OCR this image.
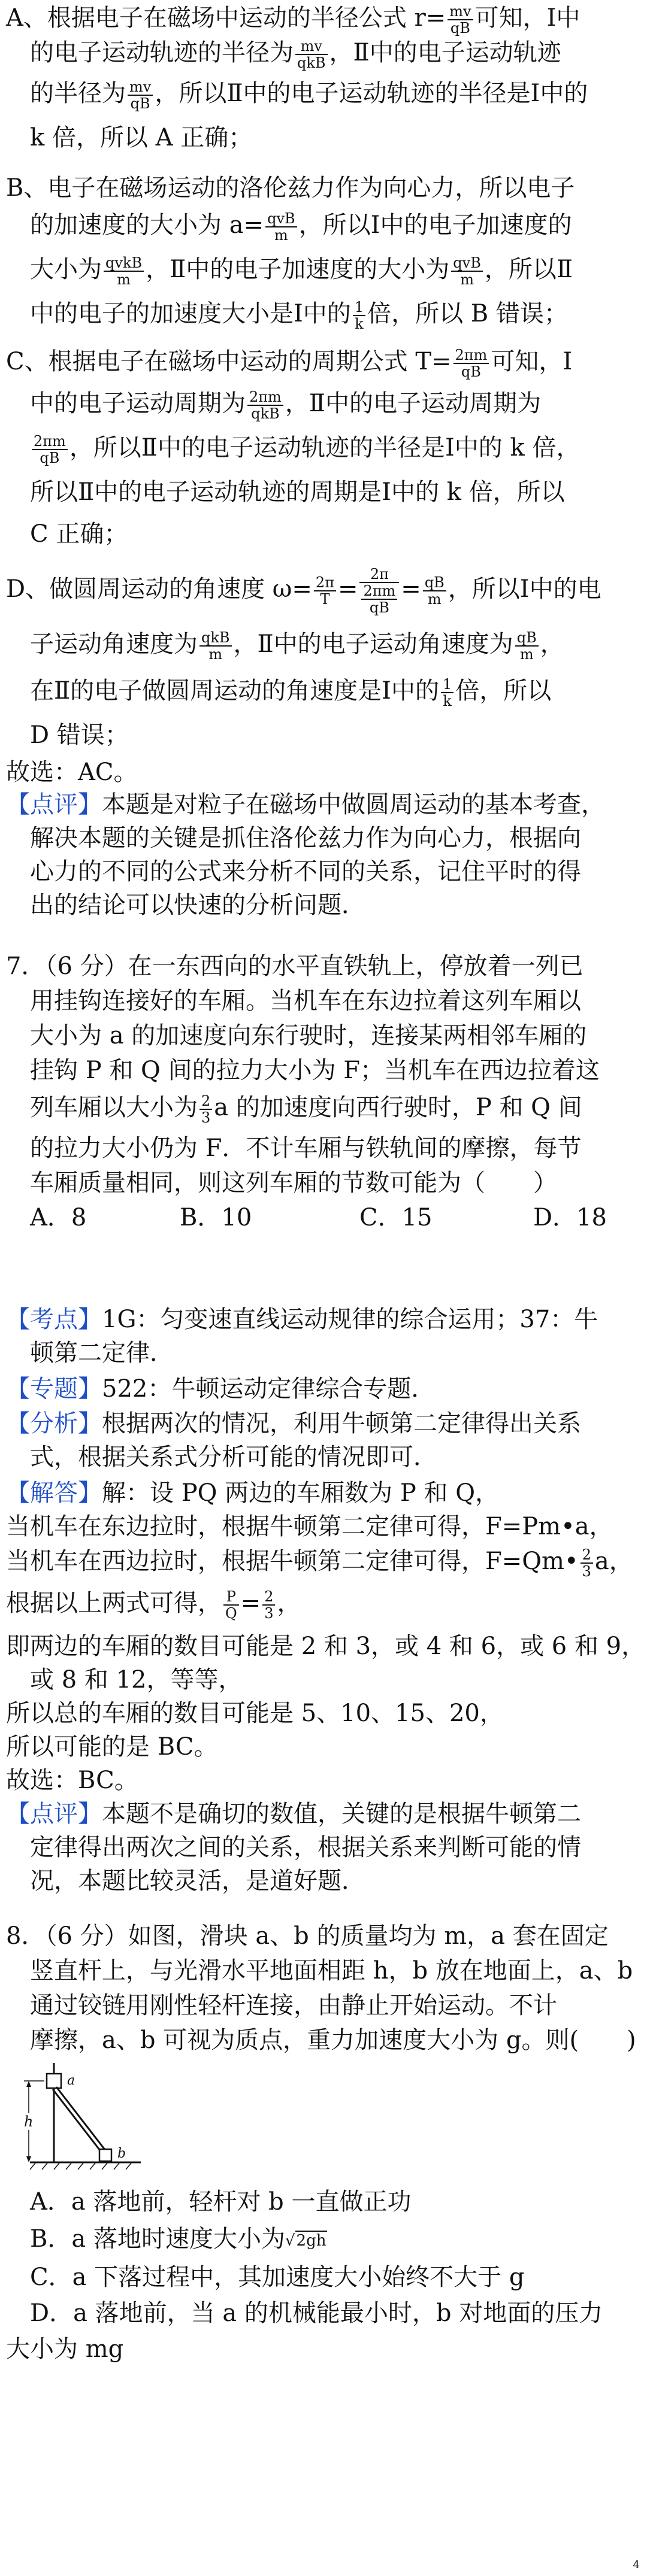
A、根据电子在磁场中运动的半径公式 $r= \frac{mv}{qB}$ 可知，Ⅰ中
的电子运动轨迹的半径为 $\frac{mv}{\text{qkB}}$ ，Ⅱ中的电子运动轨迹
的半径为 $\frac{mv}{qB}$ ，所以Ⅱ中的电子运动轨迹的半径是Ⅰ中的
k 倍，所以 A 正确；
B、电子在磁场运动的洛伦兹力作为向心力，所以电子
的加速度的大小为 $a= \frac{\text{qvB}}{m}$ ，所以Ⅰ中的电子加速度的
大小为 $\frac{\text{qvkB}}{m}$ ，Ⅱ中的电子加速度的大小为 $\frac{\text{qvB}}{m}$ ，所以Ⅱ
中的电子的加速度大小是Ⅰ中的 $\frac{1}{k}$ 倍，所以 B 错误；
C、根据电子在磁场中运动的周期公式 $T= \frac{2\pi m}{qB}$ 可知，Ⅰ
中的电子运动周期为 $\frac{2\pi m}{\text{qkB}}$ ，Ⅱ中的电子运动周期为
$\frac{2\pi m}{qB}$ ，所以Ⅱ中的电子运动轨迹的半径是Ⅰ中的 k 倍，
所以Ⅱ中的电子运动轨迹的周期是Ⅰ中的 k 倍，所以
C 正确；
D、做圆周运动的角速度 $\omega= \frac{2\pi}{T} = \frac{2\pi}{\frac{2\pi m}{qB}} = \frac{qB}{m}$ ，所以Ⅰ中的电
子运动角速度为 $\frac{\text{qkB}}{m}$ ，Ⅱ中的电子运动角速度为 $\frac{qB}{m}$ ，
在Ⅱ的电子做圆周运动的角速度是Ⅰ中的 $\frac{1}{k}$ 倍，所以
D 错误；
故选：AC。
【点评】本题是对粒子在磁场中做圆周运动的基本考查，
解决本题的关键是抓住洛伦兹力作为向心力，根据向
心力的不同的公式来分析不同的关系，记住平时的得
出的结论可以快速的分析问题．
7．（6 分）在一东西向的水平直铁轨上，停放着一列已
用挂钩连接好的车厢。当机车在东边拉着这列车厢以
大小为 a 的加速度向东行驶时，连接某两相邻车厢的
挂钩 P 和 Q 间的拉力大小为 F；当机车在西边拉着这
列车厢以大小为 $\frac{2}{3}$ a 的加速度向西行驶时，P 和 Q 间
的拉力大小仍为 F．不计车厢与铁轨间的摩擦，每节
车厢质量相同，则这列车厢的节数可能为（　　）
A．8	B．10	C．15	D．18
【考点】1G：匀变速直线运动规律的综合运用；37：牛
顿第二定律．
【专题】522：牛顿运动定律综合专题．
【分析】根据两次的情况，利用牛顿第二定律得出关系
式，根据关系式分析可能的情况即可．
【解答】解：设 PQ 两边的车厢数为 P 和 Q，
当机车在东边拉时，根据牛顿第二定律可得，F=Pm•a，
当机车在西边拉时，根据牛顿第二定律可得，F=Qm• $\frac{2}{3}$ a，
根据以上两式可得， $\frac{P}{Q} = \frac{2}{3}$ ，
即两边的车厢的数目可能是 2 和 3，或 4 和 6，或 6 和 9，
或 8 和 12，等等，
所以总的车厢的数目可能是 5、10、15、20，
所以可能的是 BC。
故选：BC。
【点评】本题不是确切的数值，关键的是根据牛顿第二
定律得出两次之间的关系，根据关系来判断可能的情
况，本题比较灵活，是道好题．
8．（6 分）如图，滑块 a、b 的质量均为 m，a 套在固定
竖直杆上，与光滑水平地面相距 h，b 放在地面上，a、b
通过铰链用刚性轻杆连接，由静止开始运动。不计
摩擦，a、b 可视为质点，重力加速度大小为 g。则(　　)
a
b
h
A．a 落地前，轻杆对 b 一直做正功
B．a 落地时速度大小为√2gh
C．a 下落过程中，其加速度大小始终不大于 g
D．a 落地前，当 a 的机械能最小时，b 对地面的压力
大小为 mg
4
